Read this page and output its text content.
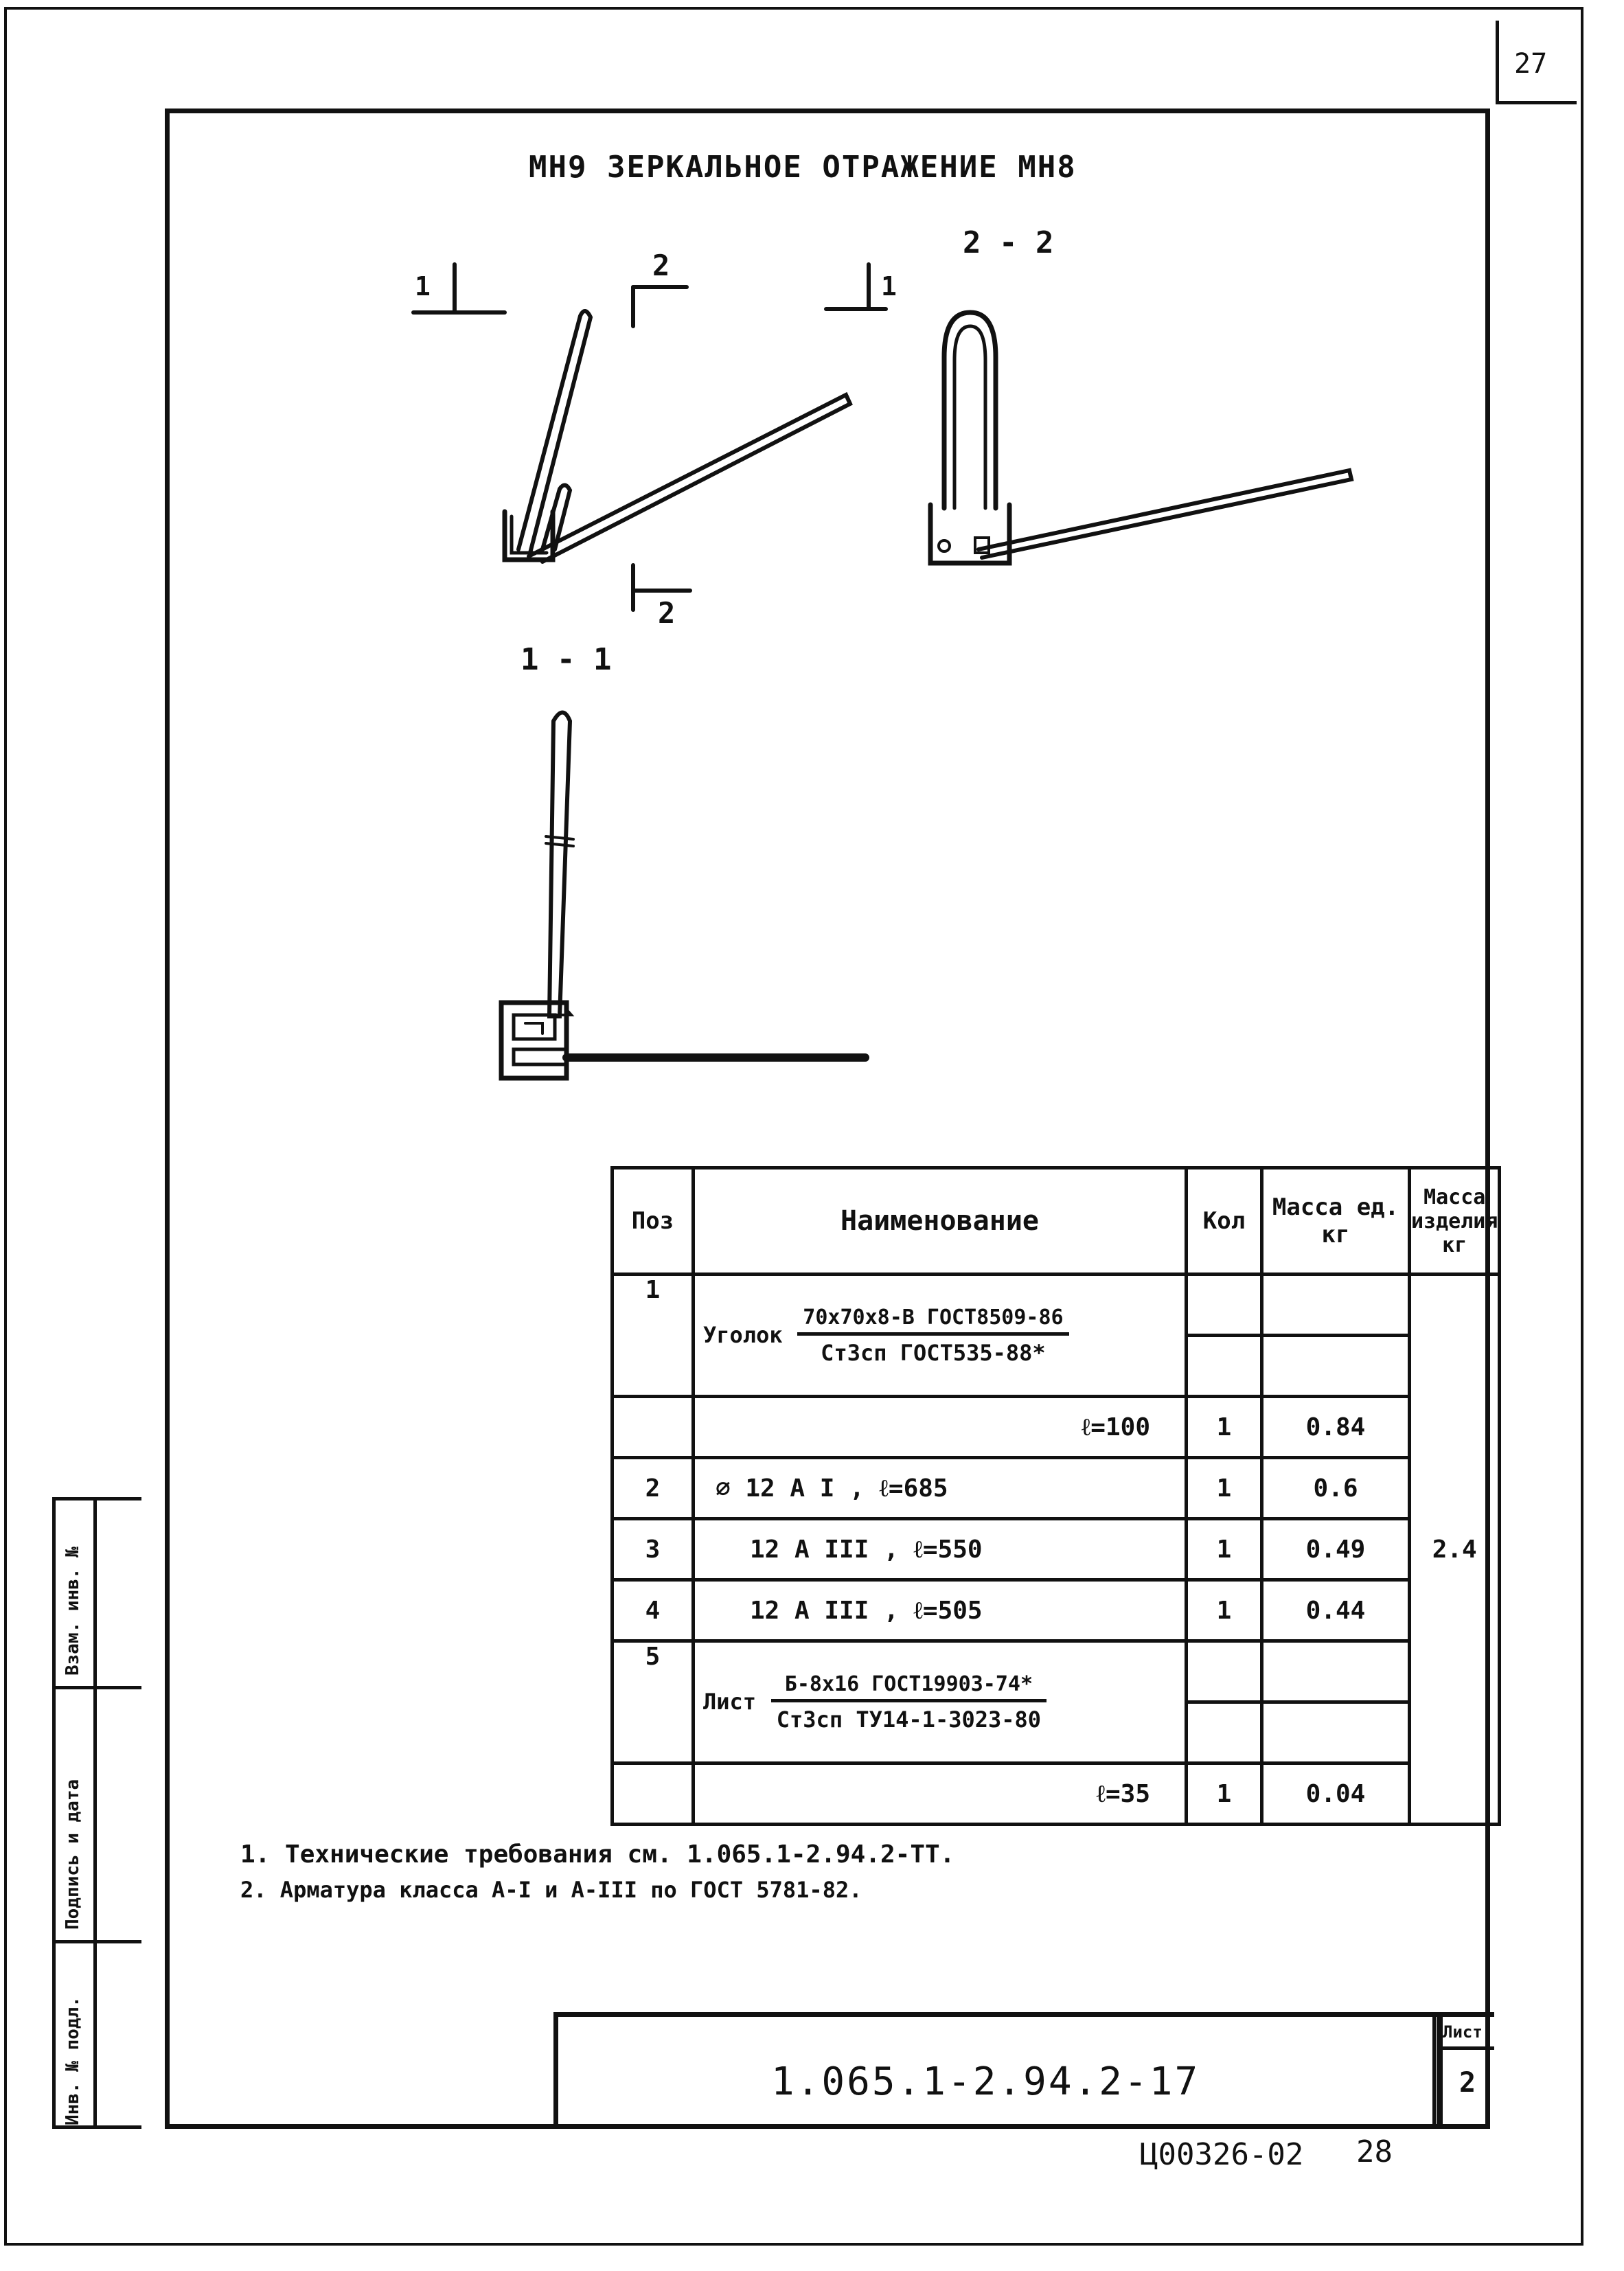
27
МН9 ЗЕРКАЛЬНОЕ ОТРАЖЕНИЕ МН8
1
2
1
2
2 - 2
1 - 1
Поз	Наименование	Кол	Масса ед. кг	Масса изделия кг
1	Уголок $\frac{\text{70х70х8-В ГОСТ8509-86}}{\text{Ст3сп ГОСТ535-88*}}$			2.4

	ℓ=100	1	0.84	
2	⌀ 12 А I , ℓ=685	1	0.6	
3	12 А III , ℓ=550	1	0.49	
4	12 А III , ℓ=505	1	0.44	
5	Лист $\frac{\text{Б-8х16 ГОСТ19903-74*}}{\text{Ст3сп ТУ14-1-3023-80}}$

	ℓ=35	1	0.04	
1. Технические требования см. 1.065.1-2.94.2-ТТ.
2. Арматура класса А-I и А-III по ГОСТ 5781-82.
Инв. № подл.
Подпись и дата
Взам. инв. №
1.065.1-2.94.2-17
Лист
2
Ц00326-02 28
